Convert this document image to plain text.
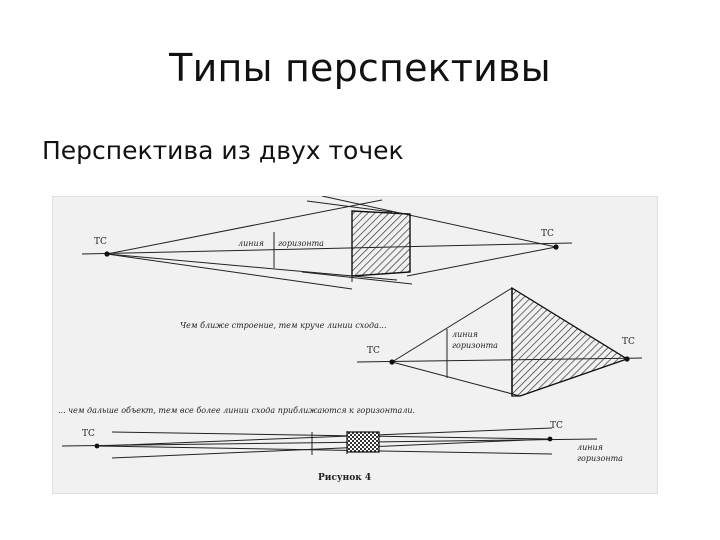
Типы перспективы
Перспектива из двух точек
ТС
ТС
линия горизонта
ТС
ТС
линия
горизонта
Чем ближе строение, тем круче линии схода...
... чем дальше объект, тем все более линии схода приближаются к горизонтали.
ТС
ТС
линия
горизонта
Рисунок 4
